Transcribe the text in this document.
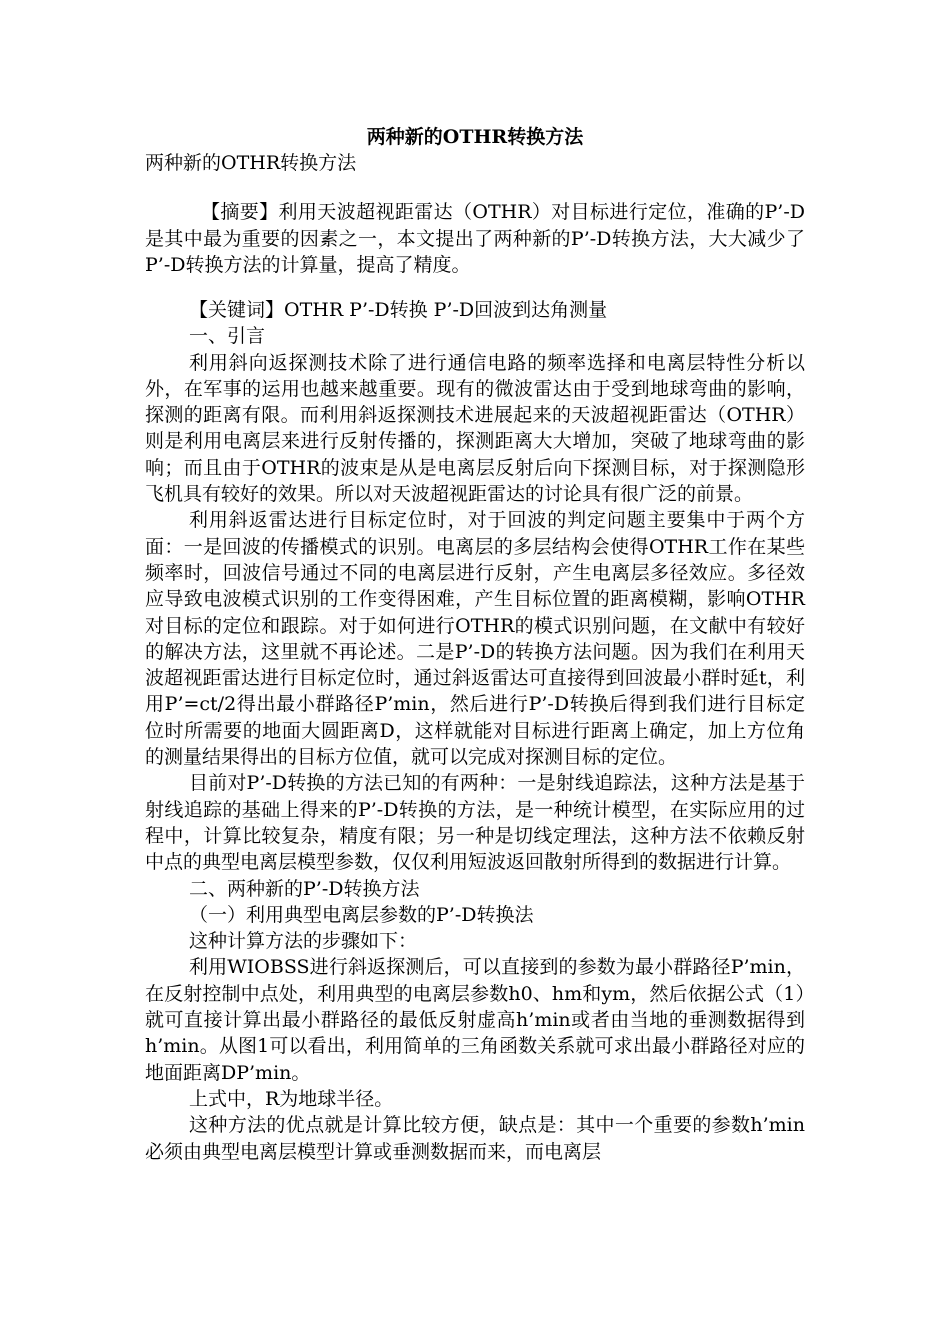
两种新的OTHR转换方法
两种新的OTHR转换方法
【摘要】利用天波超视距雷达（OTHR）对目标进行定位，准确的P’-D是其中最为重要的因素之一，本文提出了两种新的P’-D转换方法，大大减少了P’-D转换方法的计算量，提高了精度。

【关键词】OTHR P’-D转换 P’-D回波到达角测量

一、引言

利用斜向返探测技术除了进行通信电路的频率选择和电离层特性分析以外，在军事的运用也越来越重要。现有的微波雷达由于受到地球弯曲的影响，探测的距离有限。而利用斜返探测技术进展起来的天波超视距雷达（OTHR）则是利用电离层来进行反射传播的，探测距离大大增加，突破了地球弯曲的影响；而且由于OTHR的波束是从是电离层反射后向下探测目标，对于探测隐形飞机具有较好的效果。所以对天波超视距雷达的讨论具有很广泛的前景。

利用斜返雷达进行目标定位时，对于回波的判定问题主要集中于两个方面：一是回波的传播模式的识别。电离层的多层结构会使得OTHR工作在某些频率时，回波信号通过不同的电离层进行反射，产生电离层多径效应。多径效应导致电波模式识别的工作变得困难，产生目标位置的距离模糊，影响OTHR对目标的定位和跟踪。对于如何进行OTHR的模式识别问题，在文献中有较好的解决方法，这里就不再论述。二是P’-D的转换方法问题。因为我们在利用天波超视距雷达进行目标定位时，通过斜返雷达可直接得到回波最小群时延t，利用P’=ct/2得出最小群路径P’min，然后进行P’-D转换后得到我们进行目标定位时所需要的地面大圆距离D，这样就能对目标进行距离上确定，加上方位角的测量结果得出的目标方位值，就可以完成对探测目标的定位。

目前对P’-D转换的方法已知的有两种：一是射线追踪法，这种方法是基于射线追踪的基础上得来的P’-D转换的方法，是一种统计模型，在实际应用的过程中，计算比较复杂，精度有限；另一种是切线定理法，这种方法不依赖反射中点的典型电离层模型参数，仅仅利用短波返回散射所得到的数据进行计算。

二、两种新的P’-D转换方法

（一）利用典型电离层参数的P’-D转换法

这种计算方法的步骤如下：

利用WIOBSS进行斜返探测后，可以直接到的参数为最小群路径P’min，在反射控制中点处，利用典型的电离层参数h0、hm和ym，然后依据公式（1）就可直接计算出最小群路径的最低反射虚高h’min或者由当地的垂测数据得到h’min。从图1可以看出，利用简单的三角函数关系就可求出最小群路径对应的地面距离DP’min。

上式中，R为地球半径。

这种方法的优点就是计算比较方便，缺点是：其中一个重要的参数h’min必须由典型电离层模型计算或垂测数据而来，而电离层
